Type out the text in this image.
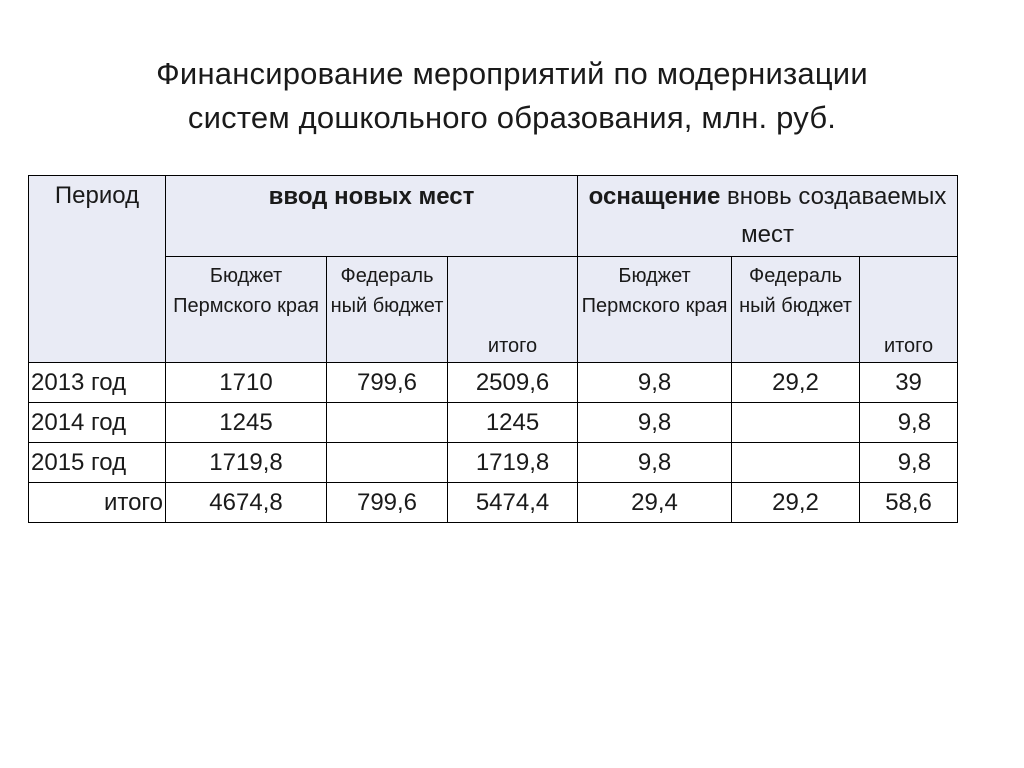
Финансирование мероприятий по модернизации
систем дошкольного образования, млн. руб.
Период	ввод новых мест			оснащение вновь создаваемых мест		
	Бюджет Пермского края	Федераль ный бюджет	итого	Бюджет Пермского края	Федераль ный бюджет	итого
2013 год	1710	799,6	2509,6	9,8	29,2	39
2014 год	1245		1245	9,8		9,8
2015 год	1719,8		1719,8	9,8		9,8
итого	4674,8	799,6	5474,4	29,4	29,2	58,6
